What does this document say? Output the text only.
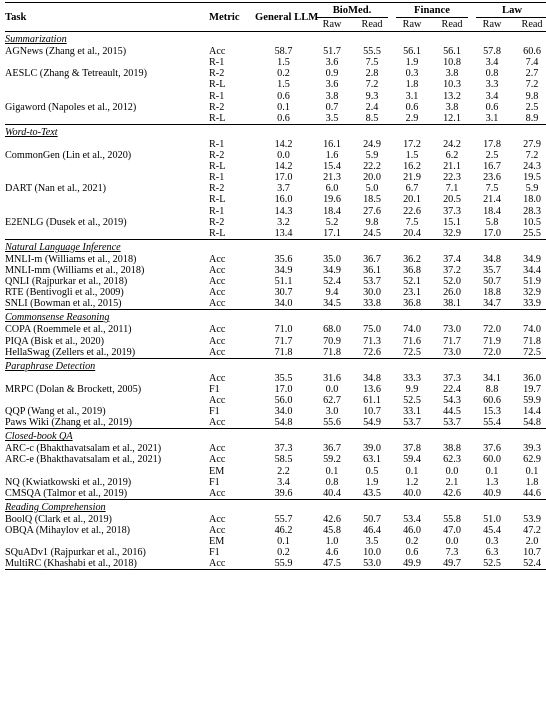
Task	Metric	General LLM	BioMed.		Finance		Law	

			Raw	Read	Raw	Read	Raw	Read
Summarization								
AGNews (Zhang et al., 2015)	Acc	58.7	51.7	55.5	56.1	56.1	57.8	60.6
	R-1	1.5	3.6	7.5	1.9	10.8	3.4	7.4
AESLC (Zhang & Tetreault, 2019)	R-2	0.2	0.9	2.8	0.3	3.8	0.8	2.7
	R-L	1.5	3.6	7.2	1.8	10.3	3.3	7.2
	R-1	0.6	3.8	9.3	3.1	13.2	3.4	9.8
Gigaword (Napoles et al., 2012)	R-2	0.1	0.7	2.4	0.6	3.8	0.6	2.5
	R-L	0.6	3.5	8.5	2.9	12.1	3.1	8.9
Word-to-Text								
	R-1	14.2	16.1	24.9	17.2	24.2	17.8	27.9
CommonGen (Lin et al., 2020)	R-2	0.0	1.6	5.9	1.5	6.2	2.5	7.2
	R-L	14.2	15.4	22.2	16.2	21.1	16.7	24.3
	R-1	17.0	21.3	20.0	21.9	22.3	23.6	19.5
DART (Nan et al., 2021)	R-2	3.7	6.0	5.0	6.7	7.1	7.5	5.9
	R-L	16.0	19.6	18.5	20.1	20.5	21.4	18.0
	R-1	14.3	18.4	27.6	22.6	37.3	18.4	28.3
E2ENLG (Dusek et al., 2019)	R-2	3.2	5.2	9.8	7.5	15.1	5.8	10.5
	R-L	13.4	17.1	24.5	20.4	32.9	17.0	25.5
Natural Language Inference								
MNLI-m (Williams et al., 2018)	Acc	35.6	35.0	36.7	36.2	37.4	34.8	34.9
MNLI-mm (Williams et al., 2018)	Acc	34.9	34.9	36.1	36.8	37.2	35.7	34.4
QNLI (Rajpurkar et al., 2018)	Acc	51.1	52.4	53.7	52.1	52.0	50.7	51.9
RTE (Bentivogli et al., 2009)	Acc	30.7	9.4	30.0	23.1	26.0	18.8	32.9
SNLI (Bowman et al., 2015)	Acc	34.0	34.5	33.8	36.8	38.1	34.7	33.9
Commonsense Reasoning								
COPA (Roemmele et al., 2011)	Acc	71.0	68.0	75.0	74.0	73.0	72.0	74.0
PIQA (Bisk et al., 2020)	Acc	71.7	70.9	71.3	71.6	71.7	71.9	71.8
HellaSwag (Zellers et al., 2019)	Acc	71.8	71.8	72.6	72.5	73.0	72.0	72.5
Paraphrase Detection								
	Acc	35.5	31.6	34.8	33.3	37.3	34.1	36.0
MRPC (Dolan & Brockett, 2005)	F1	17.0	0.0	13.6	9.9	22.4	8.8	19.7
	Acc	56.0	62.7	61.1	52.5	54.3	60.6	59.9
QQP (Wang et al., 2019)	F1	34.0	3.0	10.7	33.1	44.5	15.3	14.4
Paws Wiki (Zhang et al., 2019)	Acc	54.8	55.6	54.9	53.7	53.7	55.4	54.8
Closed-book QA								
ARC-c (Bhakthavatsalam et al., 2021)	Acc	37.3	36.7	39.0	37.8	38.8	37.6	39.3
ARC-e (Bhakthavatsalam et al., 2021)	Acc	58.5	59.2	63.1	59.4	62.3	60.0	62.9
	EM	2.2	0.1	0.5	0.1	0.0	0.1	0.1
NQ (Kwiatkowski et al., 2019)	F1	3.4	0.8	1.9	1.2	2.1	1.3	1.8
CMSQA (Talmor et al., 2019)	Acc	39.6	40.4	43.5	40.0	42.6	40.9	44.6
Reading Comprehension								
BoolQ (Clark et al., 2019)	Acc	55.7	42.6	50.7	53.4	55.8	51.0	53.9
OBQA (Mihaylov et al., 2018)	Acc	46.2	45.8	46.4	46.0	47.0	45.4	47.2
	EM	0.1	1.0	3.5	0.2	0.0	0.3	2.0
SQuADv1 (Rajpurkar et al., 2016)	F1	0.2	4.6	10.0	0.6	7.3	6.3	10.7
MultiRC (Khashabi et al., 2018)	Acc	55.9	47.5	53.0	49.9	49.7	52.5	52.4
